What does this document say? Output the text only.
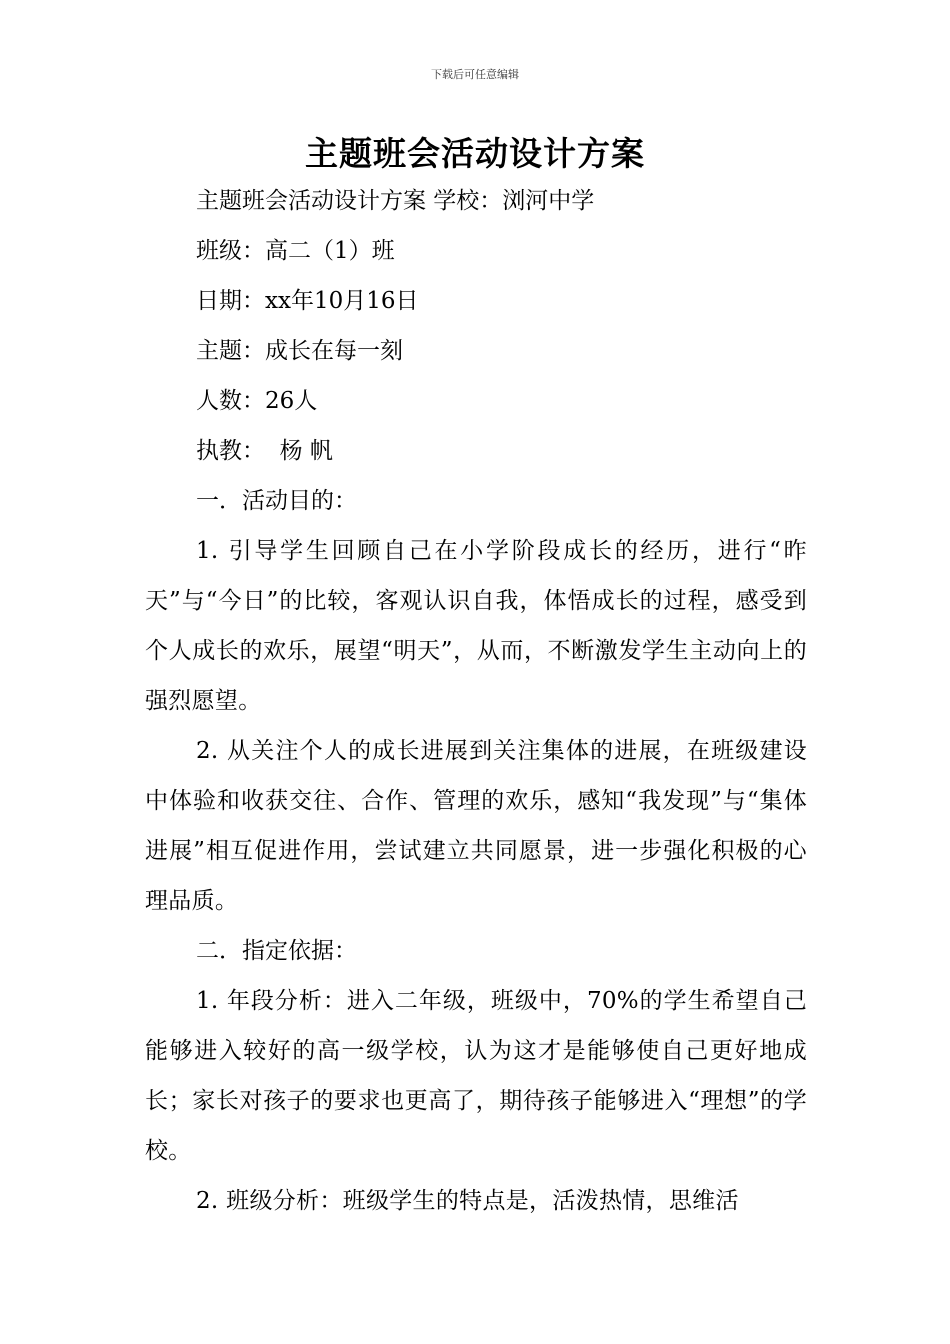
下载后可任意编辑
主题班会活动设计方案

主题班会活动设计方案 学校：浏河中学

班级：高二（1）班

日期：xx年10月16日

主题：成长在每一刻

人数：26人

执教：  杨 帆

一．活动目的：

1. 引导学生回顾自己在小学阶段成长的经历，进行“昨天”与“今日”的比较，客观认识自我，体悟成长的过程，感受到个人成长的欢乐，展望“明天”，从而，不断激发学生主动向上的强烈愿望。

2. 从关注个人的成长进展到关注集体的进展，在班级建设中体验和收获交往、合作、管理的欢乐，感知“我发现”与“集体进展”相互促进作用，尝试建立共同愿景，进一步强化积极的心理品质。

二．指定依据：

1. 年段分析：进入二年级，班级中，70%的学生希望自己能够进入较好的高一级学校，认为这才是能够使自己更好地成长；家长对孩子的要求也更高了，期待孩子能够进入“理想”的学校。

2. 班级分析：班级学生的特点是，活泼热情，思维活
